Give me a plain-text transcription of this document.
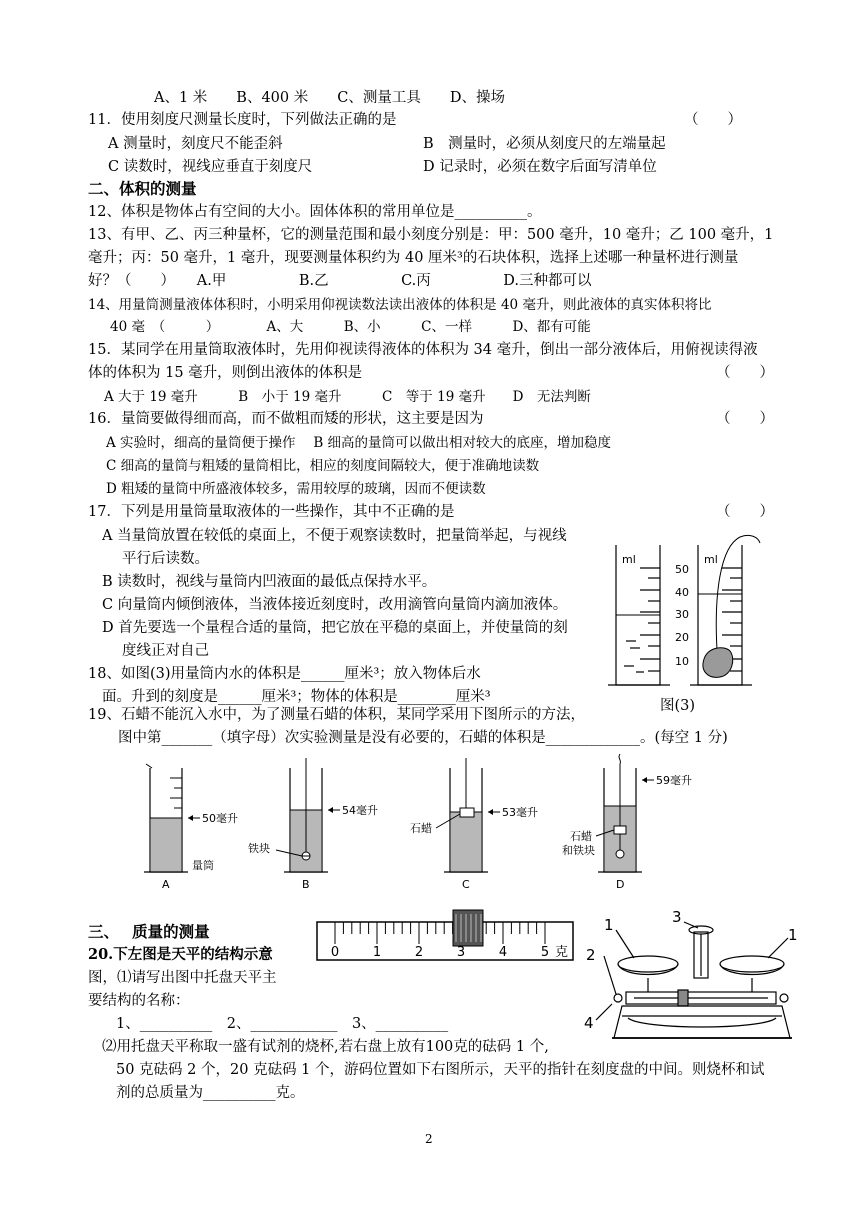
A、1 米　　B、400 米　　C、测量工具　　D、操场
11．使用刻度尺测量长度时，下列做法正确的是	（　　）
A 测量时，刻度尺不能歪斜	B　测量时，必须从刻度尺的左端量起
C 读数时，视线应垂直于刻度尺	D 记录时，必须在数字后面写清单位
二、体积的测量
12、体积是物体占有空间的大小。固体体积的常用单位是__________。
13、有甲、乙、丙三种量杯，它的测量范围和最小刻度分别是：甲：500 毫升，10 毫升；乙 100 毫升，1
毫升；丙：50 毫升，1 毫升，现要测量体积约为 40 厘米³的石块体积，选择上述哪一种量杯进行测量
好？（　　）　　A.甲　　　　　B.乙　　　　　C.丙　　　　　D.三种都可以
14、用量筒测量液体体积时，小明采用仰视读数法读出液体的体积是 40 毫升，则此液体的真实体积将比
40 毫　（　　　）　　　　A、大　　　B、小　　　C、一样　　　D、都有可能
15．某同学在用量筒取液体时，先用仰视读得液体的体积为 34 毫升，倒出一部分液体后，用俯视读得液
体的体积为 15 毫升，则倒出液体的体积是	（　　）
A 大于 19 毫升　　　B　小于 19 毫升　　　C　等于 19 毫升　　D　无法判断
16．量筒要做得细而高，而不做粗而矮的形状，这主要是因为	（　　）
A 实验时，细高的量筒便于操作　 B 细高的量筒可以做出相对较大的底座，增加稳度
C 细高的量筒与粗矮的量筒相比，相应的刻度间隔较大，便于准确地读数
D 粗矮的量筒中所盛液体较多，需用较厚的玻璃，因而不便读数
17．下列是用量筒量取液体的一些操作，其中不正确的是	（　　）
A 当量筒放置在较低的桌面上，不便于观察读数时，把量筒举起，与视线
平行后读数。
B 读数时，视线与量筒内凹液面的最低点保持水平。
C 向量筒内倾倒液体，当液体接近刻度时，改用滴管向量筒内滴加液体。
D 首先要选一个量程合适的量筒，把它放在平稳的桌面上，并使量筒的刻
度线正对自己
18、如图(3)用量筒内水的体积是______厘米³；放入物体后水
面。升到的刻度是______厘米³；物体的体积是________厘米³
ml
50
40
30
20
10
ml
图(3)
19、石蜡不能沉入水中，为了测量石蜡的体积，某同学采用下图所示的方法，
图中第_______（填字母）次实验测量是没有必要的，石蜡的体积是_____________。(每空 1 分)
50毫升
量筒
A
54毫升
铁块
B
53毫升
石蜡
C
59毫升
石蜡
和铁块
D
三、　 质量的测量
20.下左图是天平的结构示意
图，⑴请写出图中托盘天平主
要结构的名称：
1、__________　2、____________　3、__________
⑵用托盘天平称取一盛有试剂的烧杯,若右盘上放有100克的砝码 1 个,
50 克砝码 2 个，20 克砝码 1 个，游码位置如下右图所示，天平的指针在刻度盘的中间。则烧杯和试
剂的总质量为__________克。
0	1	2	3	4	5 克
1
2
3
4
1
2
